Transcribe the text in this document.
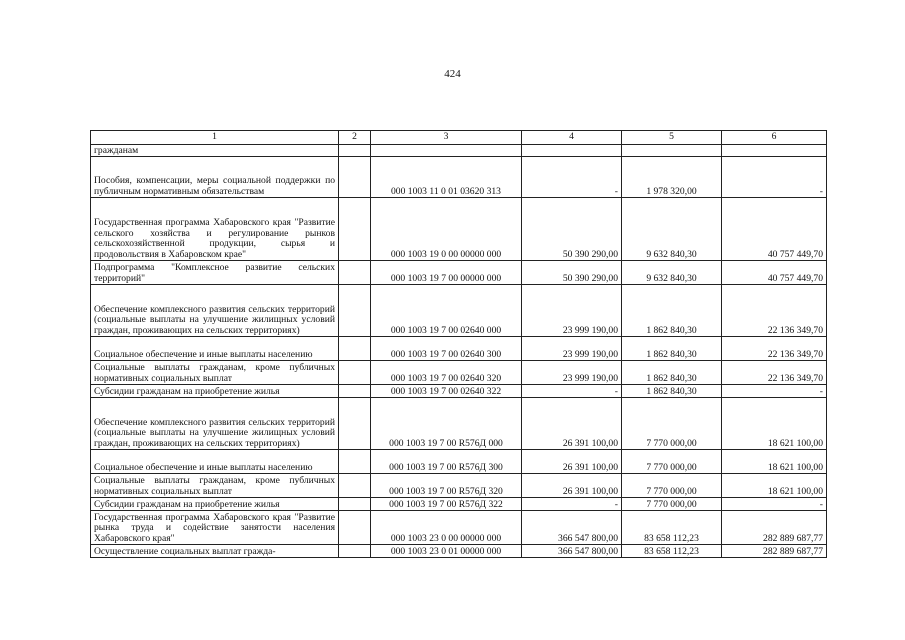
424
1	2	3	4	5	6
гражданам					
Пособия, компенсации, меры социальной поддержки по публичным нормативным обязательствам		000 1003 11 0 01 03620 313	-	1 978 320,00	-
Государственная программа Хабаровского края "Развитие сельского хозяйства и регулирование рынков сельскохозяйственной продукции, сырья и продовольствия в Хабаровском крае"		000 1003 19 0 00 00000 000	50 390 290,00	9 632 840,30	40 757 449,70
Подпрограмма "Комплексное развитие сельских территорий"		000 1003 19 7 00 00000 000	50 390 290,00	9 632 840,30	40 757 449,70
Обеспечение комплексного развития сельских территорий (социальные выплаты на улучшение жилищных условий граждан, проживающих на сельских территориях)		000 1003 19 7 00 02640 000	23 999 190,00	1 862 840,30	22 136 349,70
Социальное обеспечение и иные выплаты населению		000 1003 19 7 00 02640 300	23 999 190,00	1 862 840,30	22 136 349,70
Социальные выплаты гражданам, кроме публичных нормативных социальных выплат		000 1003 19 7 00 02640 320	23 999 190,00	1 862 840,30	22 136 349,70
Субсидии гражданам на приобретение жилья		000 1003 19 7 00 02640 322	-	1 862 840,30	-
Обеспечение комплексного развития сельских территорий (социальные выплаты на улучшение жилищных условий граждан, проживающих на сельских территориях)		000 1003 19 7 00 R576Д 000	26 391 100,00	7 770 000,00	18 621 100,00
Социальное обеспечение и иные выплаты населению		000 1003 19 7 00 R576Д 300	26 391 100,00	7 770 000,00	18 621 100,00
Социальные выплаты гражданам, кроме публичных нормативных социальных выплат		000 1003 19 7 00 R576Д 320	26 391 100,00	7 770 000,00	18 621 100,00
Субсидии гражданам на приобретение жилья		000 1003 19 7 00 R576Д 322	-	7 770 000,00	-
Государственная программа Хабаровского края "Развитие рынка труда и содействие занятости населения Хабаровского края"		000 1003 23 0 00 00000 000	366 547 800,00	83 658 112,23	282 889 687,77
Осуществление социальных выплат гражда-		000 1003 23 0 01 00000 000	366 547 800,00	83 658 112,23	282 889 687,77
